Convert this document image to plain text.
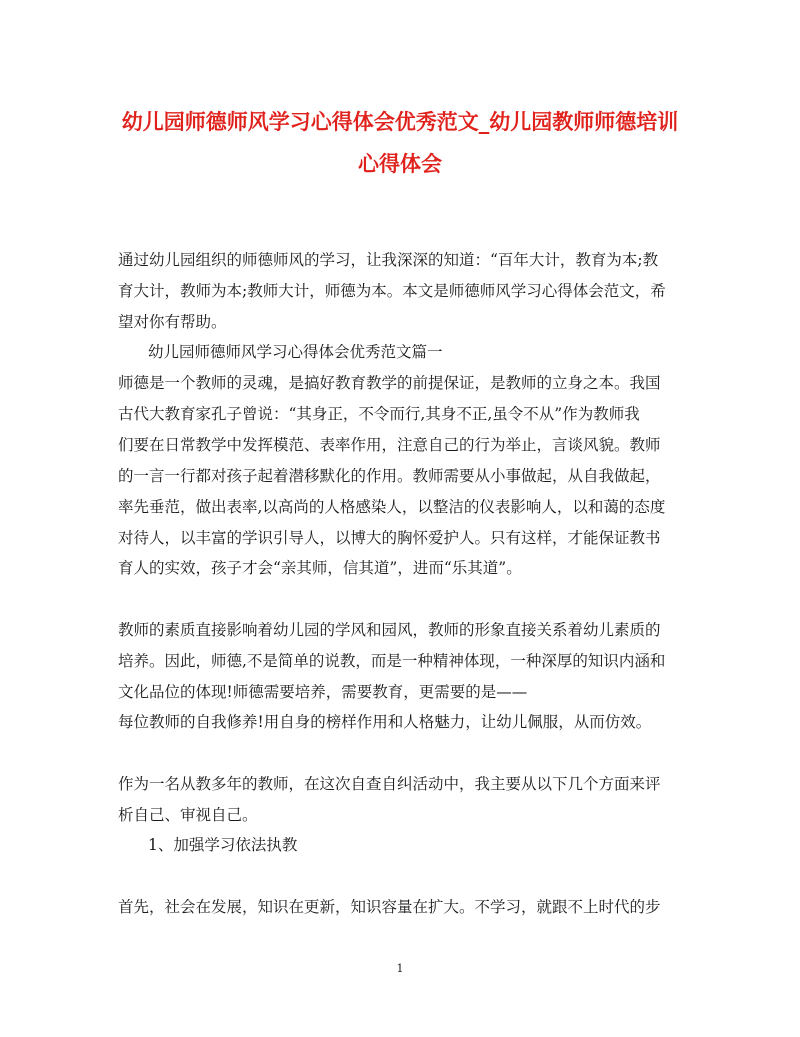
幼儿园师德师风学习心得体会优秀范文_幼儿园教师师德培训
心得体会
通过幼儿园组织的师德师风的学习，让我深深的知道：“百年大计，教育为本;教
育大计，教师为本;教师大计，师德为本。本文是师德师风学习心得体会范文，希
望对你有帮助。
幼儿园师德师风学习心得体会优秀范文篇一
师德是一个教师的灵魂，是搞好教育教学的前提保证，是教师的立身之本。我国
古代大教育家孔子曾说：“其身正，不令而行,其身不正,虽令不从”作为教师我
们要在日常教学中发挥模范、表率作用，注意自己的行为举止，言谈风貌。教师
的一言一行都对孩子起着潜移默化的作用。教师需要从小事做起，从自我做起，
率先垂范，做出表率,以高尚的人格感染人，以整洁的仪表影响人，以和蔼的态度
对待人，以丰富的学识引导人，以博大的胸怀爱护人。只有这样，才能保证教书
育人的实效，孩子才会“亲其师，信其道”，进而“乐其道”。
教师的素质直接影响着幼儿园的学风和园风，教师的形象直接关系着幼儿素质的
培养。因此，师德,不是简单的说教，而是一种精神体现，一种深厚的知识内涵和
文化品位的体现!师德需要培养，需要教育，更需要的是——
每位教师的自我修养!用自身的榜样作用和人格魅力，让幼儿佩服，从而仿效。
作为一名从教多年的教师，在这次自查自纠活动中，我主要从以下几个方面来评
析自己、审视自己。
1、加强学习依法执教
首先，社会在发展，知识在更新，知识容量在扩大。不学习，就跟不上时代的步
1
